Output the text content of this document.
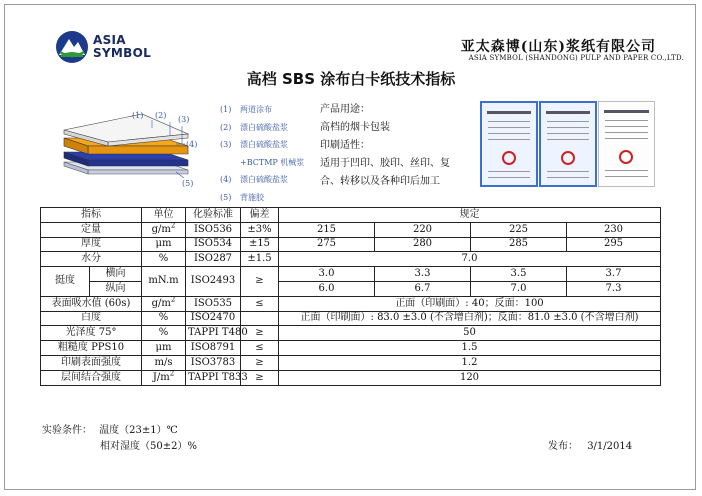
ASIA
SYMBOL	亚太森博(山东)浆纸有限公司
ASIA SYMBOL (SHANDONG) PULP AND PAPER CO.,LTD.
高档 SBS 涂布白卡纸技术指标
(1) (2) (3)
(4)
(5)
(1) 两道涂布
(2) 漂白硫酸盐浆
(3) 漂白硫酸盐浆
+BCTMP 机械浆
(4) 漂白硫酸盐浆
(5) 背施胶
产品用途：
高档的烟卡包装
印刷适性：
适用于凹印、胶印、丝印、复
合、转移以及各种印后加工
指标		单位	化验标准	偏差	规定			
定量		$g/m^2$	ISO536	±3%	215	220	225	230
厚度		μm	ISO534	±15	275	280	285	295
水分		%	ISO287	±1.5	7.0			
挺度	横向	mN.m	ISO2493	≥	3.0	3.3	3.5	3.7
	纵向				6.0	6.7	7.0	7.3
表面吸水值 (60s)		$g/m^2$	ISO535	≤	正面（印刷面）: 40；反面：100			
白度		%	ISO2470		正面（印刷面）: 83.0 ±3.0 (不含增白剂)；反面：81.0 ±3.0 (不含增白剂)			
光泽度 75°		%	TAPPI T480	≥	50			
粗糙度 PPS10		μm	ISO8791	≤	1.5			
印刷表面强度		m/s	ISO3783	≥	1.2			
层间结合强度		$J/m^2$	TAPPI T833	≥	120			
实验条件： 温度（23±1）℃
相对湿度（50±2）%	发布： 3/1/2014
